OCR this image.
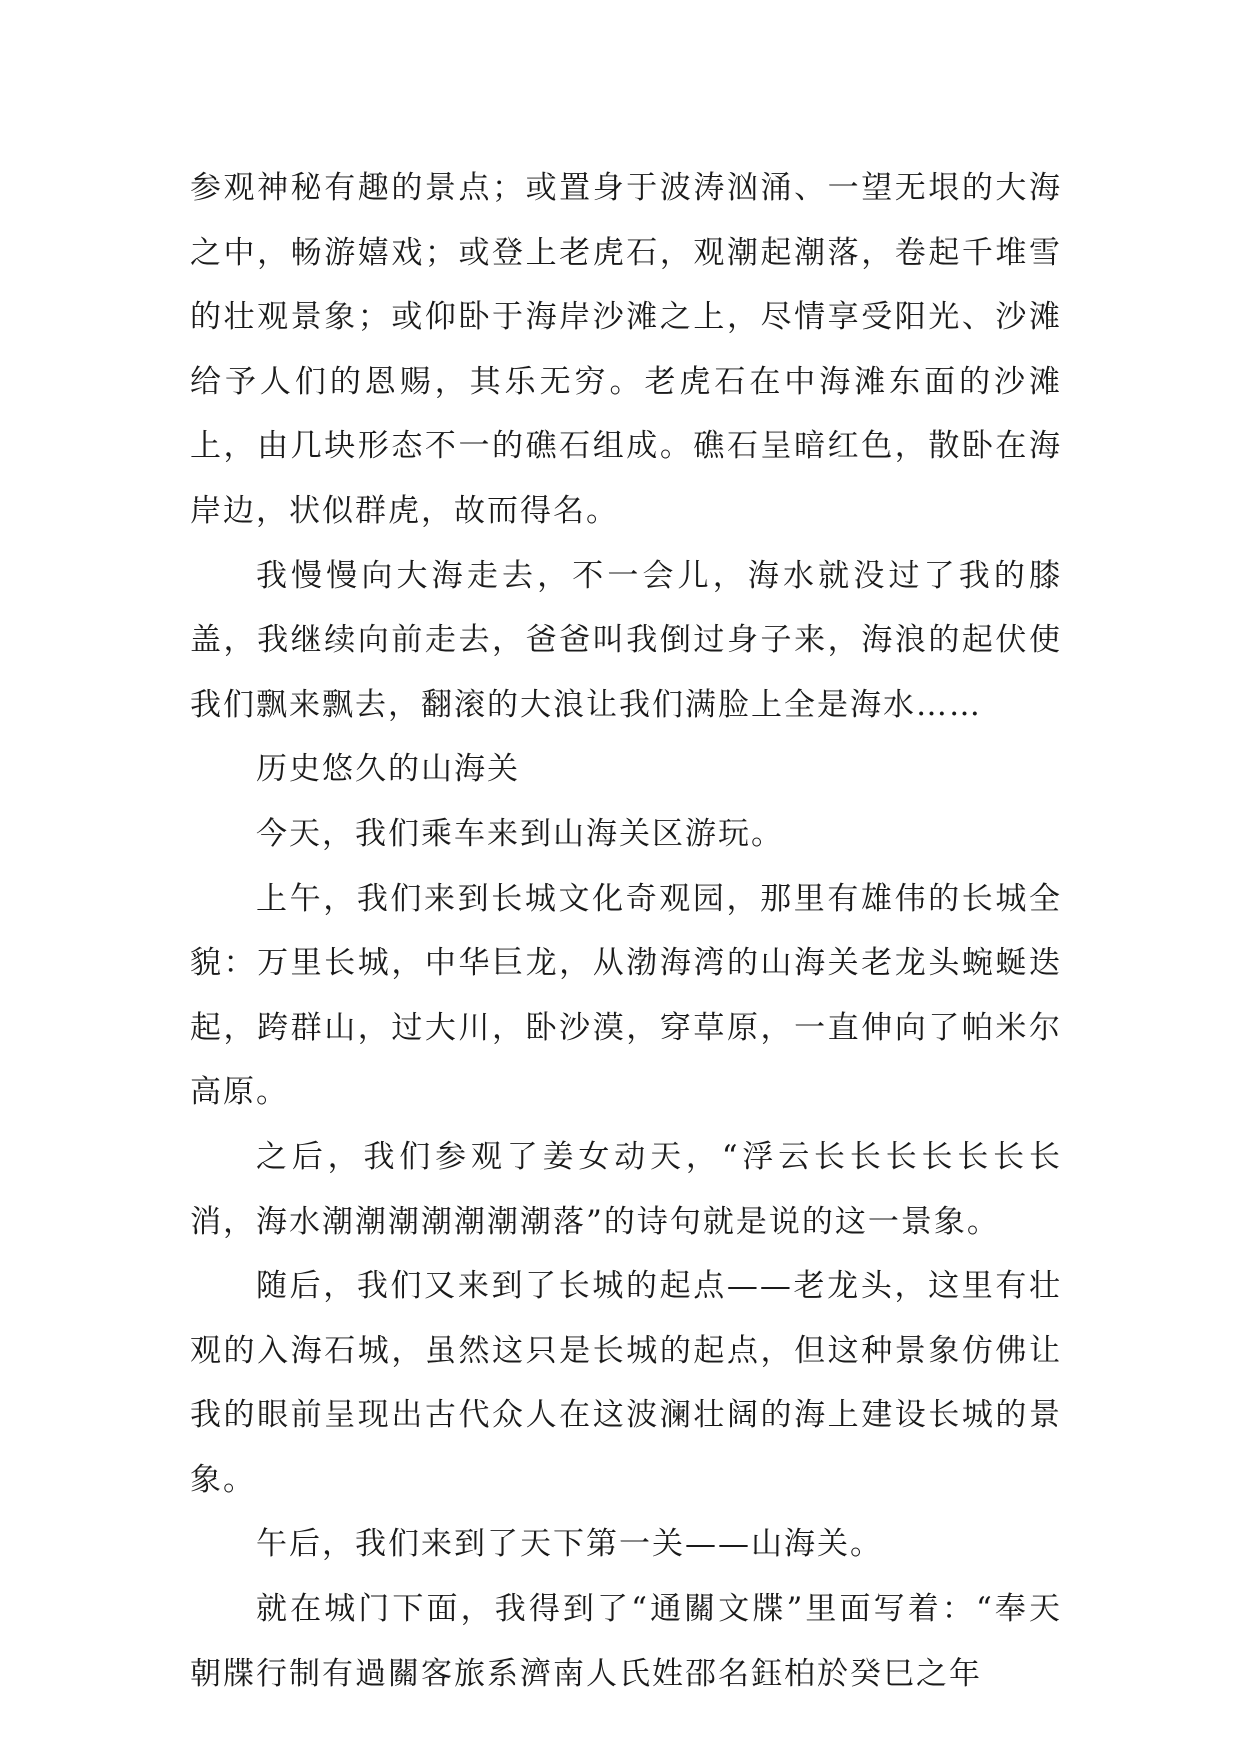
参观神秘有趣的景点；或置身于波涛汹涌、一望无垠的大海之中，畅游嬉戏；或登上老虎石，观潮起潮落，卷起千堆雪的壮观景象；或仰卧于海岸沙滩之上，尽情享受阳光、沙滩给予人们的恩赐，其乐无穷。老虎石在中海滩东面的沙滩上，由几块形态不一的礁石组成。礁石呈暗红色，散卧在海岸边，状似群虎，故而得名。

我慢慢向大海走去，不一会儿，海水就没过了我的膝盖，我继续向前走去，爸爸叫我倒过身子来，海浪的起伏使我们飘来飘去，翻滚的大浪让我们满脸上全是海水……

历史悠久的山海关

今天，我们乘车来到山海关区游玩。

上午，我们来到长城文化奇观园，那里有雄伟的长城全貌：万里长城，中华巨龙，从渤海湾的山海关老龙头蜿蜒迭起，跨群山，过大川，卧沙漠，穿草原，一直伸向了帕米尔高原。

之后，我们参观了姜女动天，“浮云长长长长长长长消，海水潮潮潮潮潮潮潮落”的诗句就是说的这一景象。

随后，我们又来到了长城的起点——老龙头，这里有壮观的入海石城，虽然这只是长城的起点，但这种景象仿佛让我的眼前呈现出古代众人在这波澜壮阔的海上建设长城的景象。

午后，我们来到了天下第一关——山海关。

就在城门下面，我得到了“通關文牒”里面写着：“奉天朝牒行制有過關客旅系濟南人氏姓邵名鈺柏於癸巳之年
